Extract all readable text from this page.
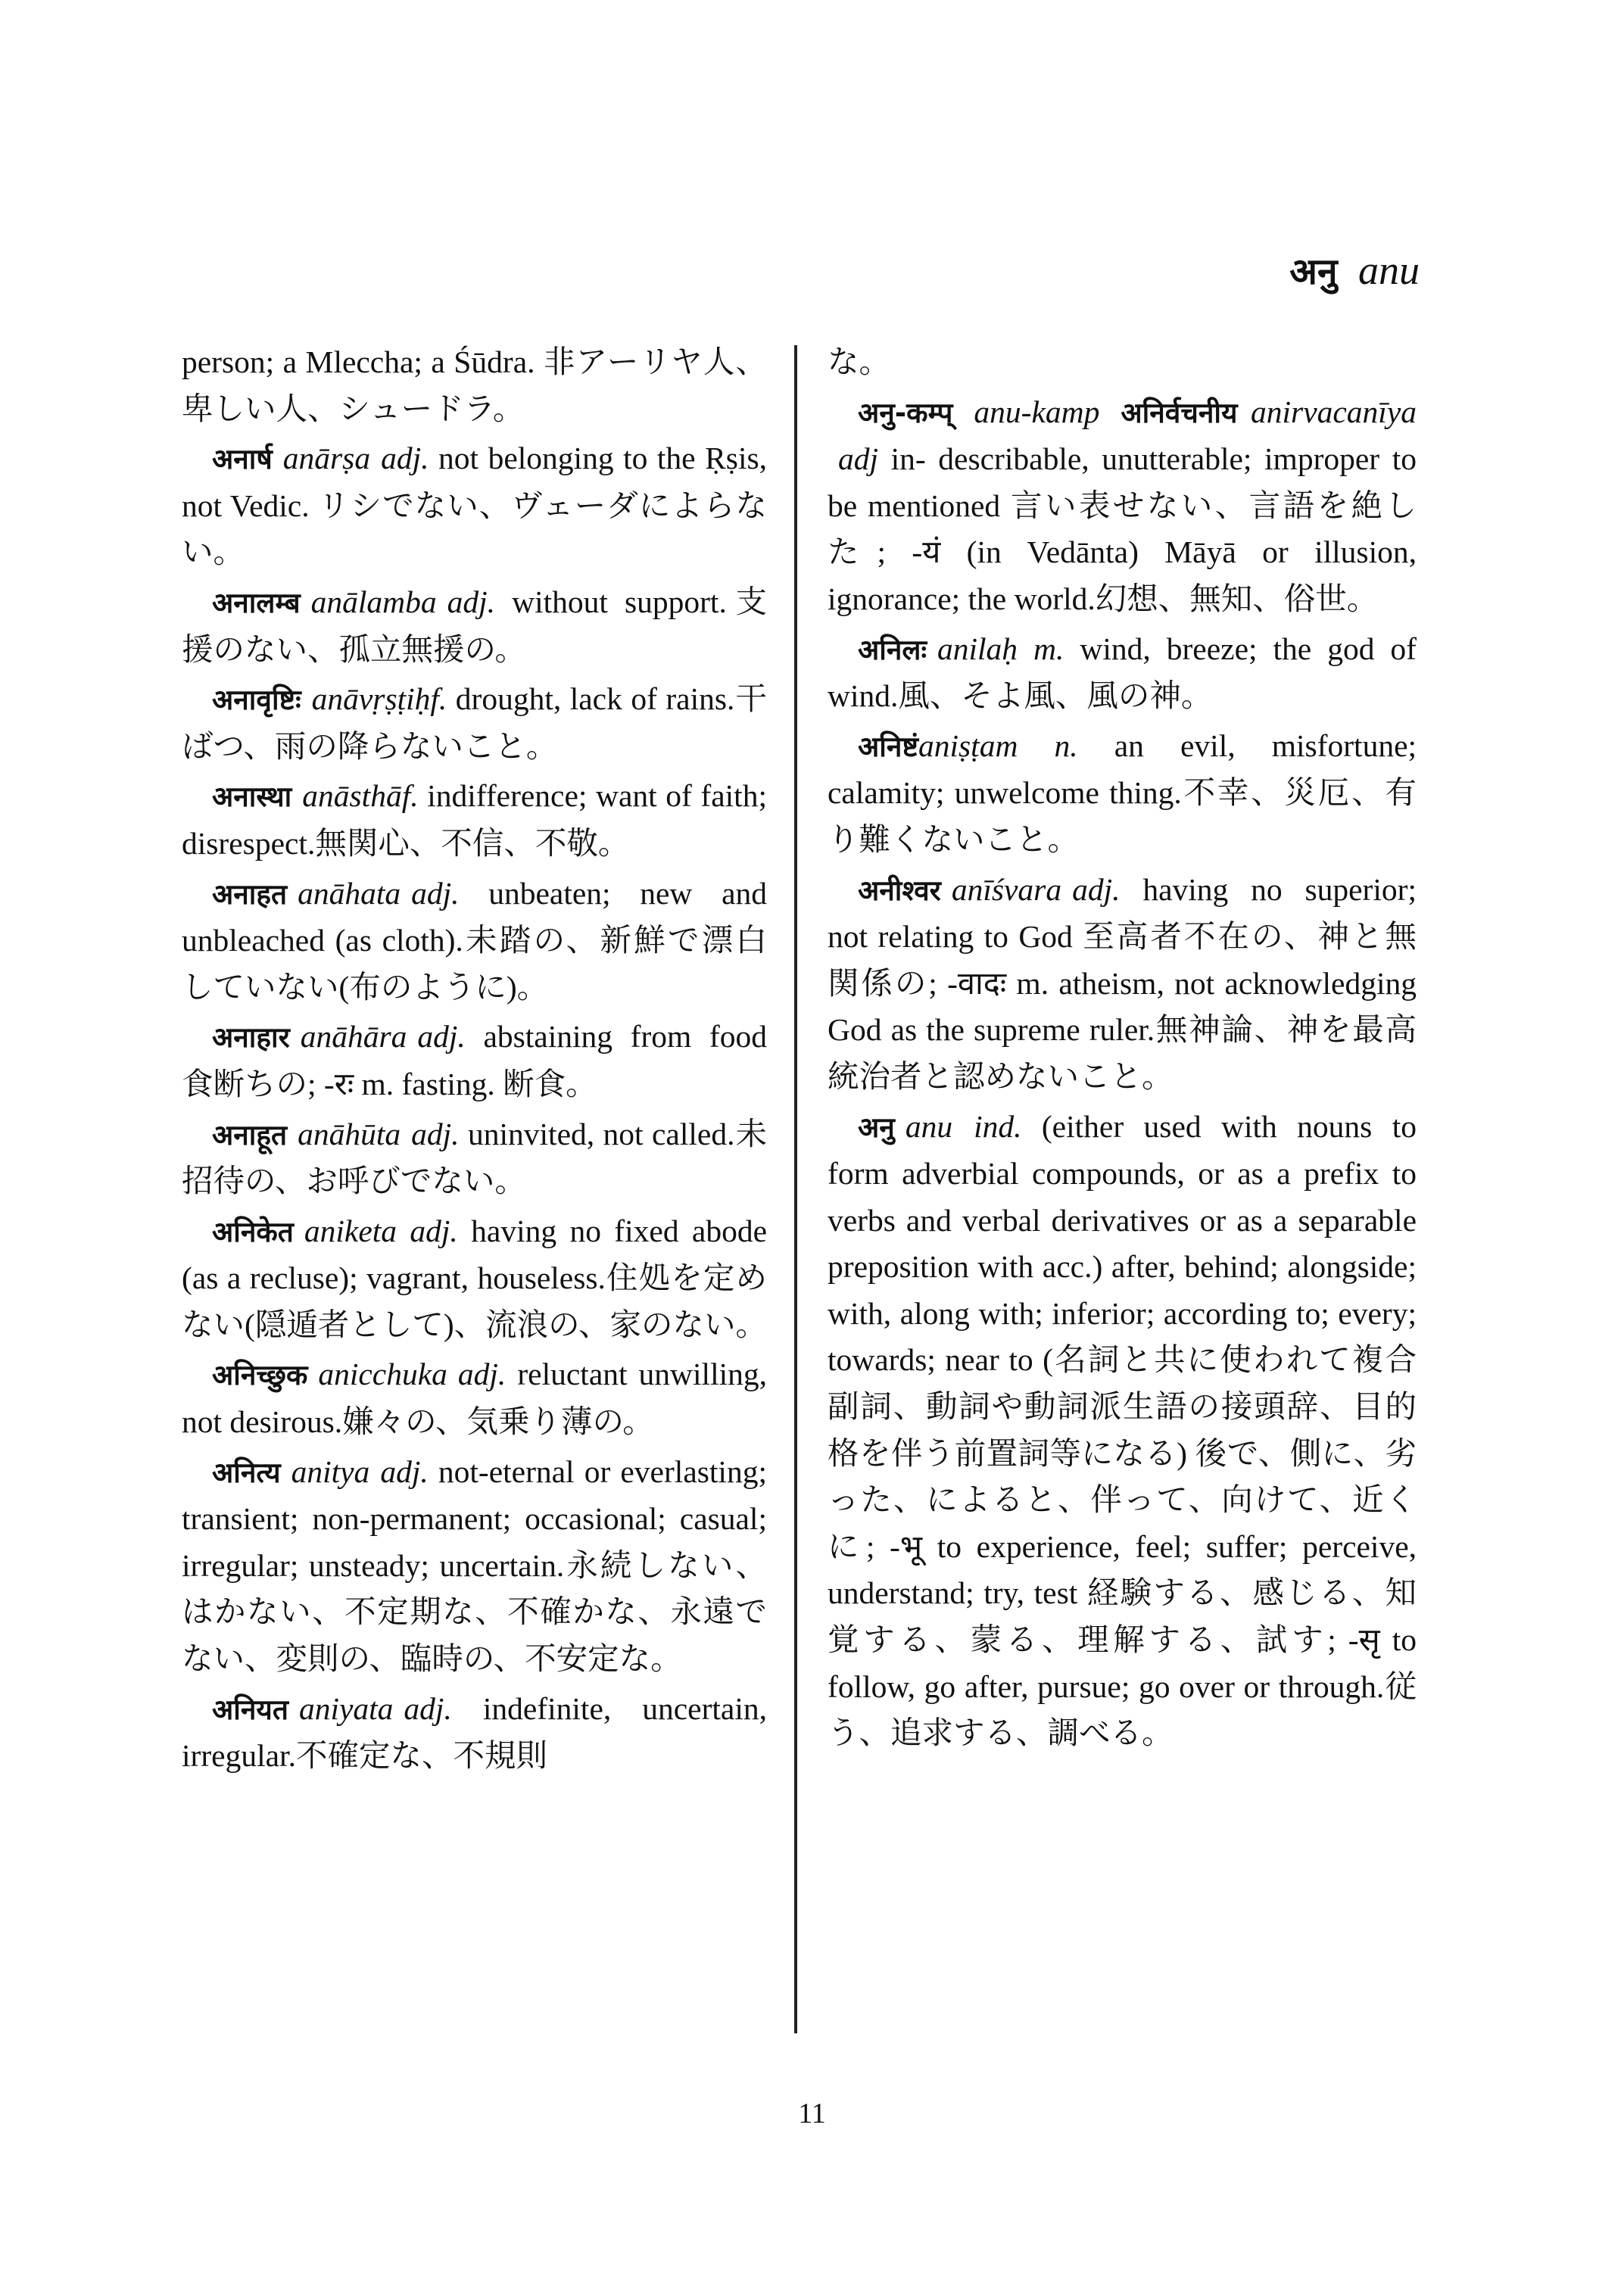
अनु anu

person; a Mleccha; a Śūdra. 非アーリヤ人、卑しい人、シュードラ。

अनार्ष anārṣa adj. not belonging to the Ṛṣis, not Vedic. リシでない、ヴェーダによらない。

अनालम्ब anālamba adj. without support.支援のない、孤立無援の。

अनावृष्टिः anāvṛṣṭiḥf. drought, lack of rains.干ばつ、雨の降らないこと。

अनास्था anāsthāf. indifference; want of faith; disrespect.無関心、不信、不敬。

अनाहत anāhata adj. unbeaten; new and unbleached (as cloth).未踏の、新鮮で漂白していない(布のように)。

अनाहार anāhāra adj. abstaining from food 食断ちの; -रः m. fasting. 断食。

अनाहूत anāhūta adj. uninvited, not called.未招待の、お呼びでない。

अनिकेत aniketa adj. having no fixed abode (as a recluse); vagrant, houseless.住処を定めない(隠遁者として)、流浪の、家のない。

अनिच्छुक anicchuka adj. reluctant unwilling, not desirous.嫌々の、気乗り薄の。

अनित्य anitya adj. not-eternal or everlasting; transient; non-permanent; occasional; casual; irregular; unsteady; uncertain.永続しない、はかない、不定期な、不確かな、永遠でない、変則の、臨時の、不安定な。

अनियत aniyata adj. indefinite, uncertain, irregular.不確定な、不規則

な。

अनु-कम्प् anu-kamp अनिर्वचनीय anirvacanīyaadj in- describable, unutterable; improper to be mentioned 言い表せない、言語を絶した; -यं (in Vedānta) Māyā or illusion, ignorance; the world.幻想、無知、俗世。

अनिलः anilaḥ m. wind, breeze; the god of wind.風、そよ風、風の神。

अनिष्टंaniṣṭam n. an evil, misfortune; calamity; unwelcome thing.不幸、災厄、有り難くないこと。

अनीश्वर anīśvara adj. having no superior; not relating to God 至高者不在の、神と無関係の; -वादः m. atheism, not acknowledging God as the supreme ruler.無神論、神を最高統治者と認めないこと。

अनु anu ind. (either used with nouns to form adverbial compounds, or as a prefix to verbs and verbal derivatives or as a separable preposition with acc.) after, behind; alongside; with, along with; inferior; according to; every; towards; near to (名詞と共に使われて複合副詞、動詞や動詞派生語の接頭辞、目的格を伴う前置詞等になる) 後で、側に、劣った、によると、伴って、向けて、近くに; -भू to experience, feel; suffer; perceive, understand; try, test 経験する、感じる、知覚する、蒙る、理解する、試す; -सृ to follow, go after, pursue; go over or through.従う、追求する、調べる。

11
